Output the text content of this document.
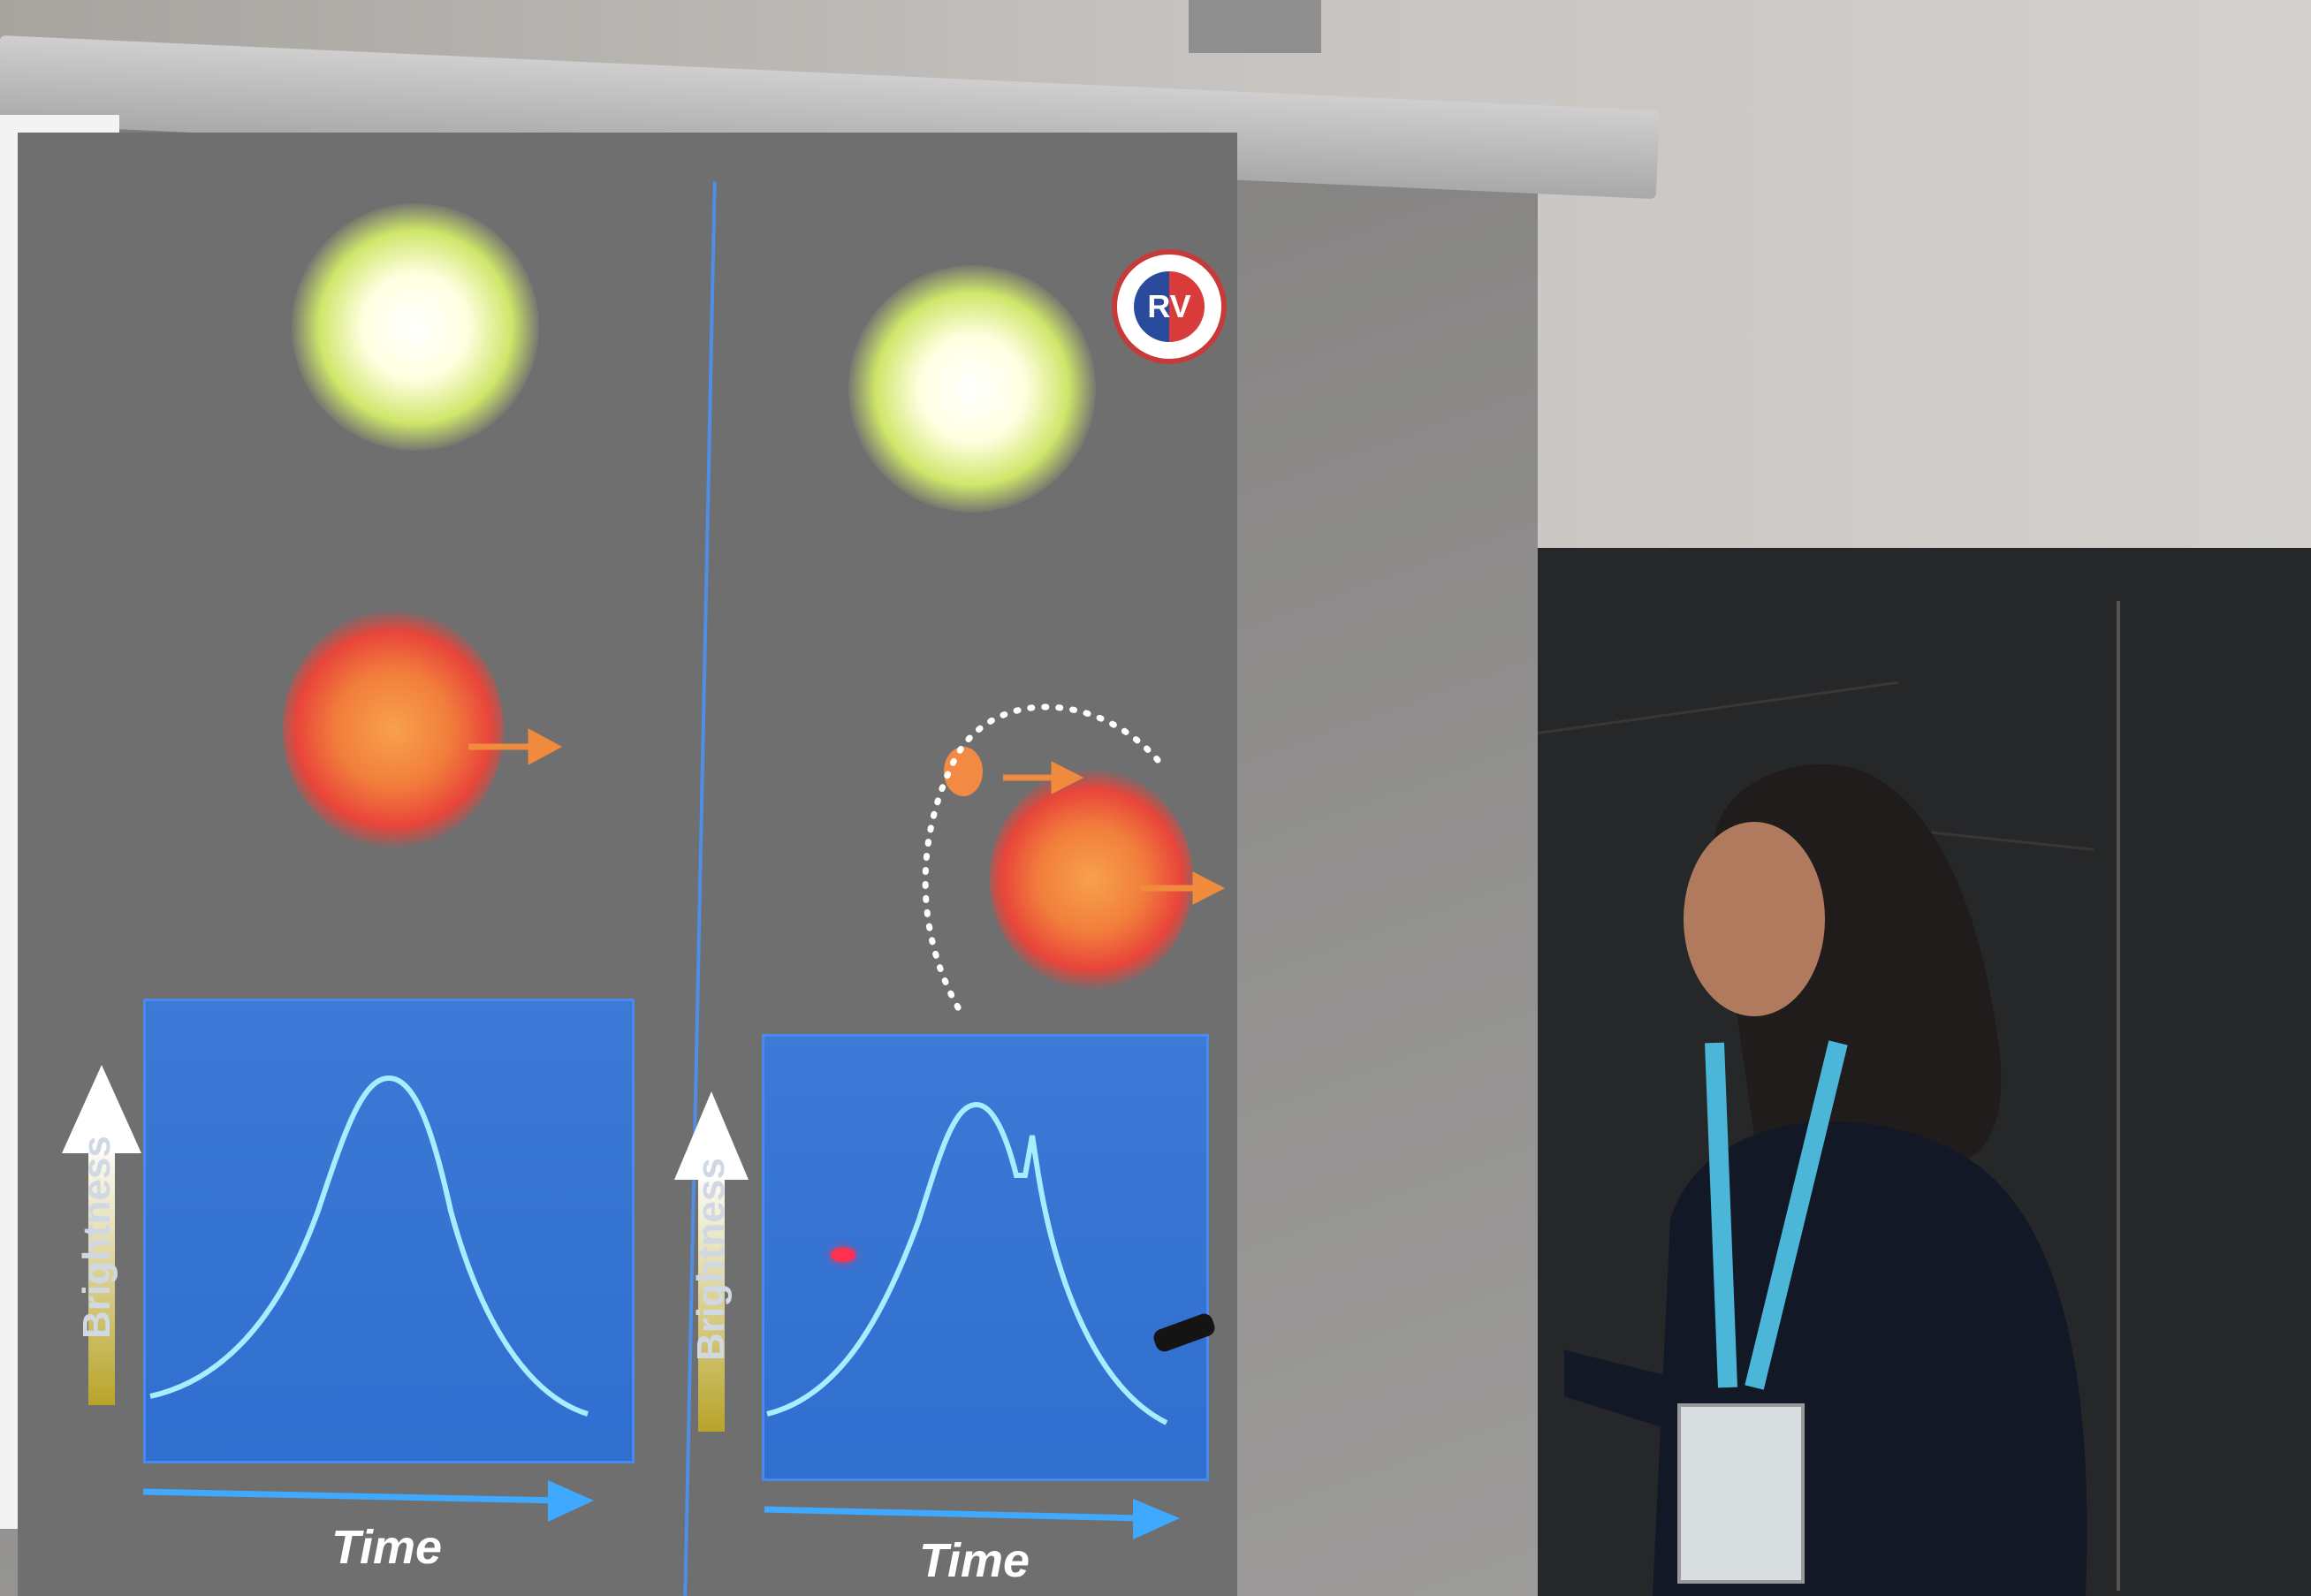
Brightness	Brightness
Time	Time
RV
